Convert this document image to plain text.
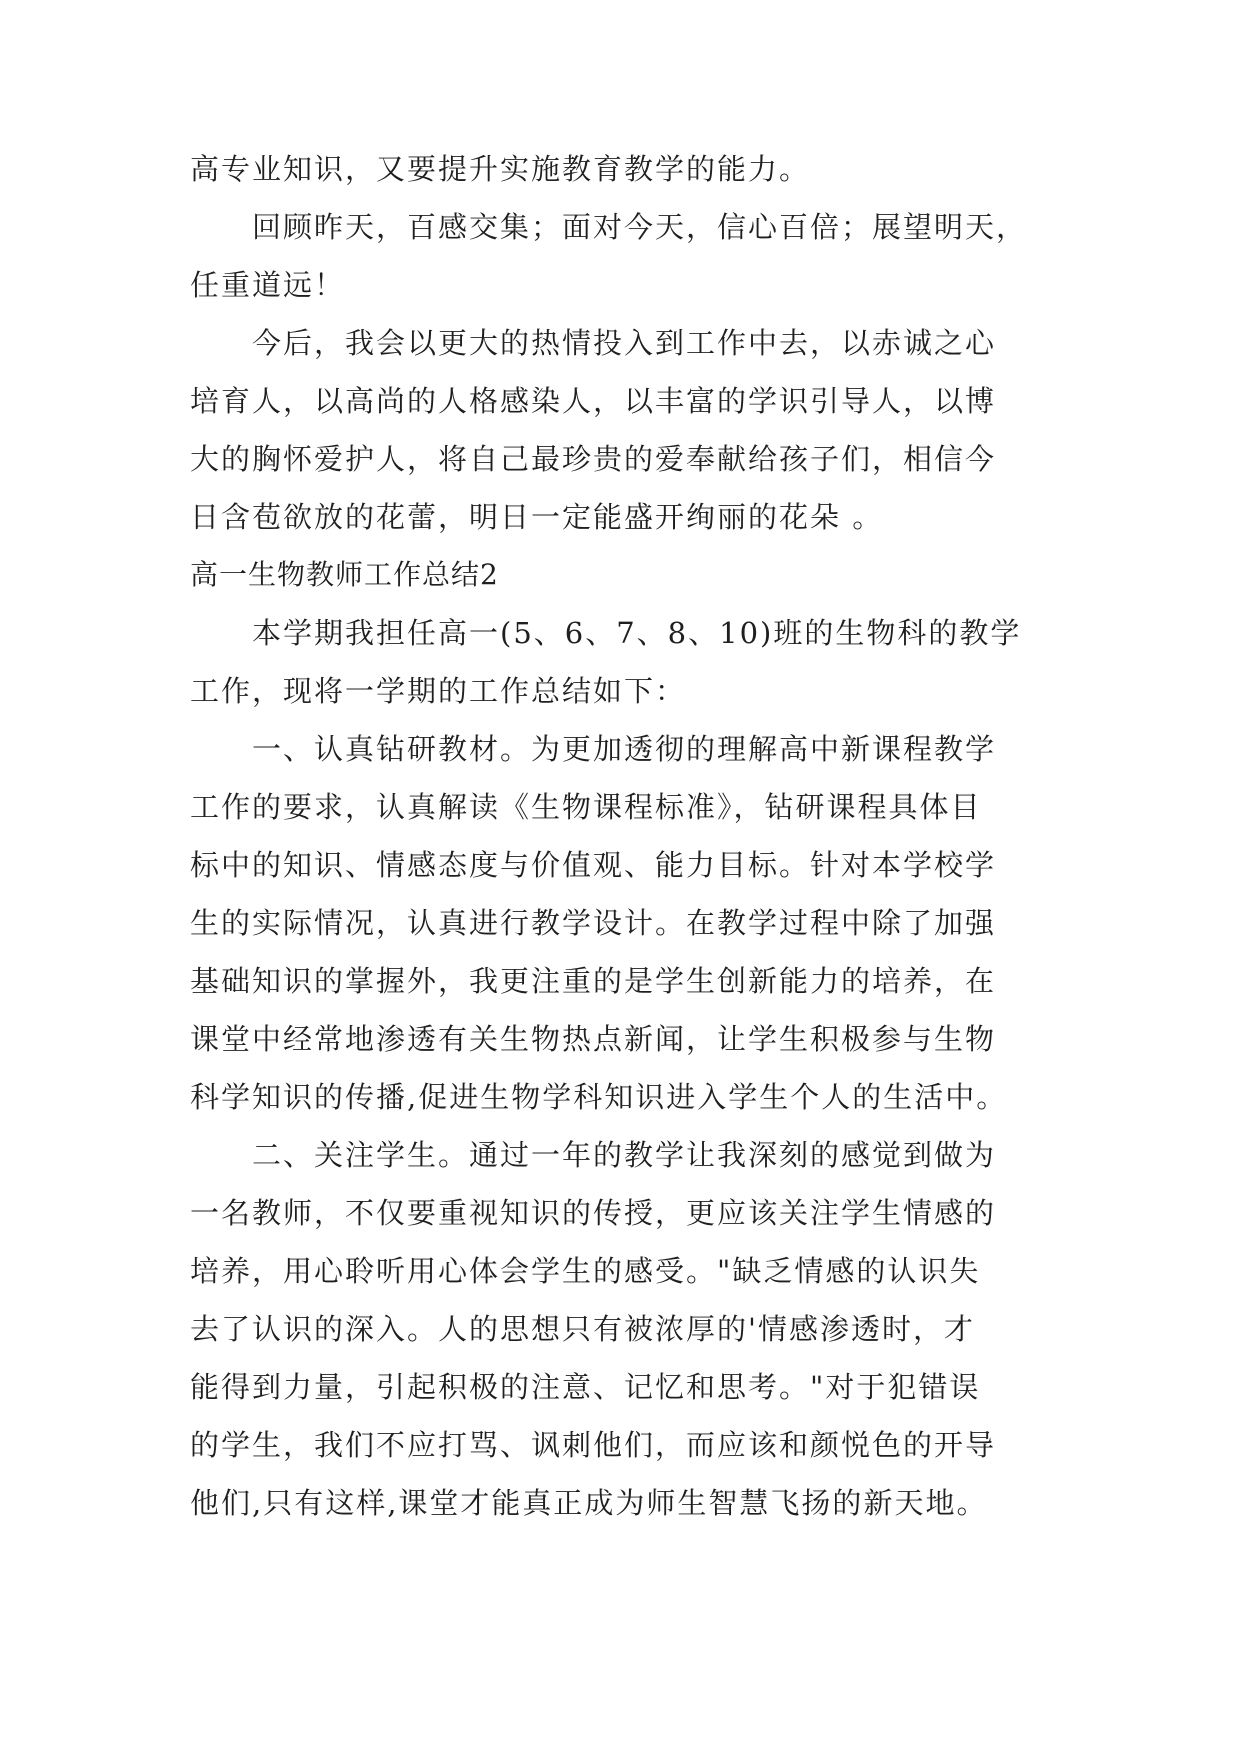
高专业知识，又要提升实施教育教学的能力。
回顾昨天，百感交集；面对今天，信心百倍；展望明天，
任重道远！
今后，我会以更大的热情投入到工作中去，以赤诚之心
培育人，以高尚的人格感染人，以丰富的学识引导人，以博
大的胸怀爱护人，将自己最珍贵的爱奉献给孩子们，相信今
日含苞欲放的花蕾，明日一定能盛开绚丽的花朵 。
高一生物教师工作总结2
本学期我担任高一(5、6、7、8、10)班的生物科的教学
工作，现将一学期的工作总结如下：
一、认真钻研教材。为更加透彻的理解高中新课程教学
工作的要求，认真解读《生物课程标准》，钻研课程具体目
标中的知识、情感态度与价值观、能力目标。针对本学校学
生的实际情况，认真进行教学设计。在教学过程中除了加强
基础知识的掌握外，我更注重的是学生创新能力的培养，在
课堂中经常地渗透有关生物热点新闻，让学生积极参与生物
科学知识的传播,促进生物学科知识进入学生个人的生活中。
二、关注学生。通过一年的教学让我深刻的感觉到做为
一名教师，不仅要重视知识的传授，更应该关注学生情感的
培养，用心聆听用心体会学生的感受。"缺乏情感的认识失
去了认识的深入。人的思想只有被浓厚的'情感渗透时，才
能得到力量，引起积极的注意、记忆和思考。"对于犯错误
的学生，我们不应打骂、讽刺他们，而应该和颜悦色的开导
他们,只有这样,课堂才能真正成为师生智慧飞扬的新天地。
